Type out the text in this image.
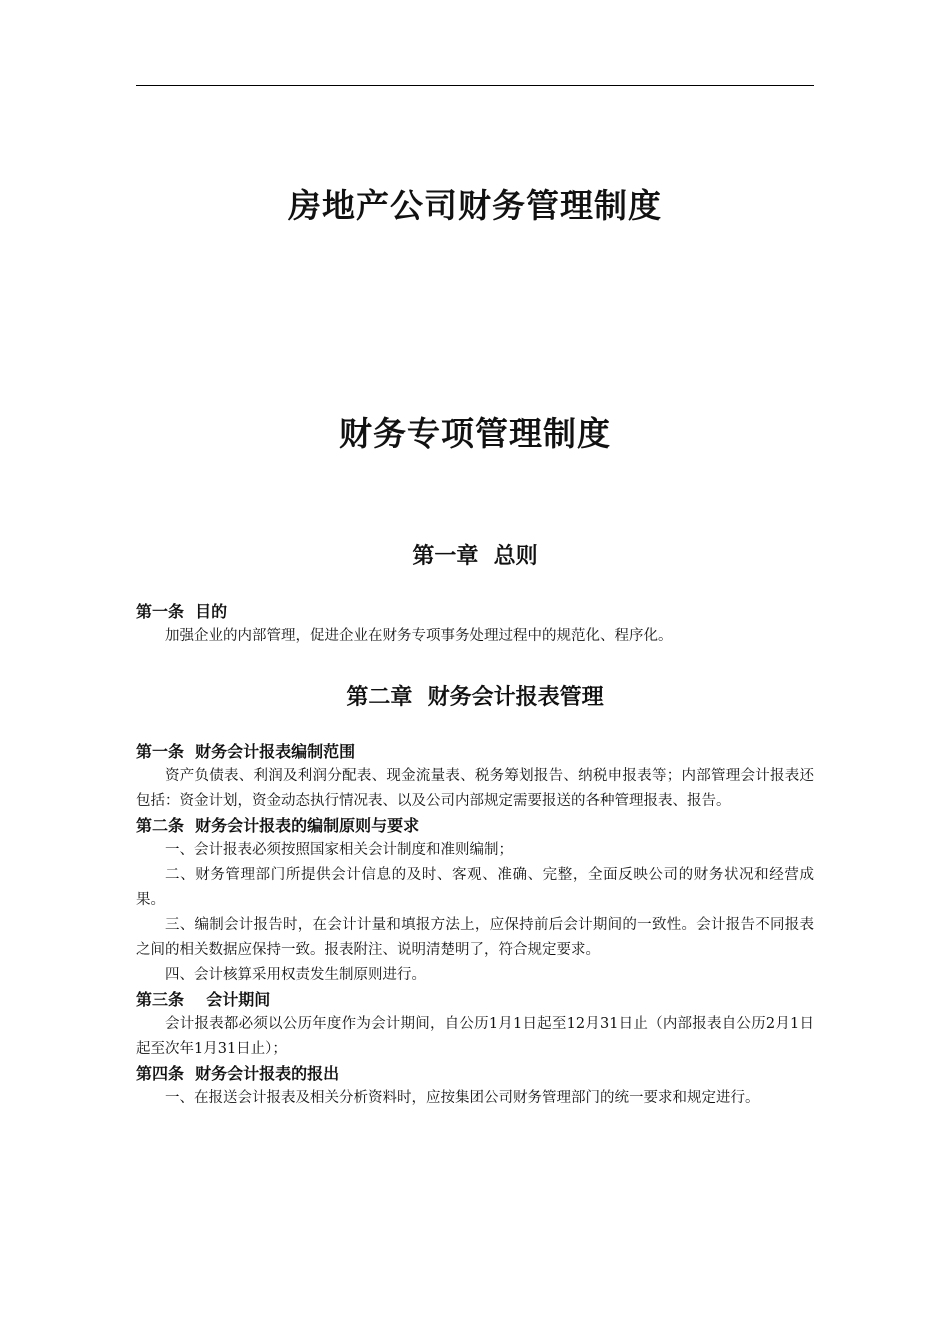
房地产公司财务管理制度
财务专项管理制度
第一章  总则
第一条  目的

加强企业的内部管理，促进企业在财务专项事务处理过程中的规范化、程序化。

第二章  财务会计报表管理
第一条  财务会计报表编制范围

资产负债表、利润及利润分配表、现金流量表、税务筹划报告、纳税申报表等；内部管理会计报表还包括：资金计划，资金动态执行情况表、以及公司内部规定需要报送的各种管理报表、报告。

第二条  财务会计报表的编制原则与要求

一、会计报表必须按照国家相关会计制度和准则编制；

二、财务管理部门所提供会计信息的及时、客观、准确、完整，全面反映公司的财务状况和经营成果。

三、编制会计报告时，在会计计量和填报方法上，应保持前后会计期间的一致性。会计报告不同报表之间的相关数据应保持一致。报表附注、说明清楚明了，符合规定要求。

四、会计核算采用权责发生制原则进行。

第三条    会计期间

会计报表都必须以公历年度作为会计期间，自公历1月1日起至12月31日止（内部报表自公历2月1日起至次年1月31日止）；

第四条  财务会计报表的报出

一、在报送会计报表及相关分析资料时，应按集团公司财务管理部门的统一要求和规定进行。
